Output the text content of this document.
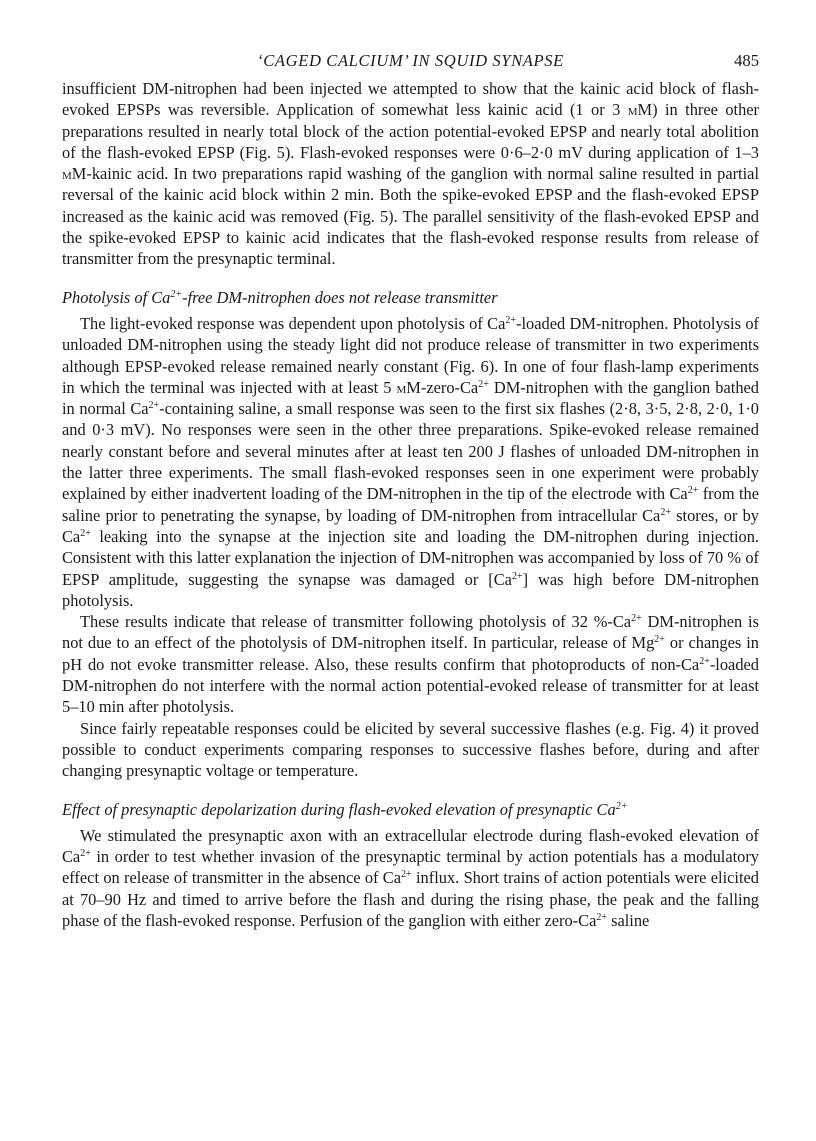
‘CAGED CALCIUM’ IN SQUID SYNAPSE	485

insufficient DM-nitrophen had been injected we attempted to show that the kainic acid block of flash-evoked EPSPs was reversible. Application of somewhat less kainic acid (1 or 3 mM) in three other preparations resulted in nearly total block of the action potential-evoked EPSP and nearly total abolition of the flash-evoked EPSP (Fig. 5). Flash-evoked responses were 0·6–2·0 mV during application of 1–3 mM-kainic acid. In two preparations rapid washing of the ganglion with normal saline resulted in partial reversal of the kainic acid block within 2 min. Both the spike-evoked EPSP and the flash-evoked EPSP increased as the kainic acid was removed (Fig. 5). The parallel sensitivity of the flash-evoked EPSP and the spike-evoked EPSP to kainic acid indicates that the flash-evoked response results from release of transmitter from the presynaptic terminal.

Photolysis of $Ca^{2+}$-free DM-nitrophen does not release transmitter

The light-evoked response was dependent upon photolysis of $Ca^{2+}$-loaded DM-nitrophen. Photolysis of unloaded DM-nitrophen using the steady light did not produce release of transmitter in two experiments although EPSP-evoked release remained nearly constant (Fig. 6). In one of four flash-lamp experiments in which the terminal was injected with at least 5 $mM-zero-Ca^{2+}$ DM-nitrophen with the ganglion bathed in normal $Ca^{2+}$-containing saline, a small response was seen to the first six flashes (2·8, 3·5, 2·8, 2·0, 1·0 and 0·3 mV). No responses were seen in the other three preparations. Spike-evoked release remained nearly constant before and several minutes after at least ten 200 J flashes of unloaded DM-nitrophen in the latter three experiments. The small flash-evoked responses seen in one experiment were probably explained by either inadvertent loading of the DM-nitrophen in the tip of the electrode with $Ca^{2+}$ from the saline prior to penetrating the synapse, by loading of DM-nitrophen from intracellular $Ca^{2+}$ stores, or by $Ca^{2+}$ leaking into the synapse at the injection site and loading the DM-nitrophen during injection. Consistent with this latter explanation the injection of DM-nitrophen was accompanied by loss of 70 % of EPSP amplitude, suggesting the synapse was damaged or $[Ca^{2+}]$ was high before DM-nitrophen photolysis.

These results indicate that release of transmitter following photolysis of 32 $\%-Ca^{2+}$ DM-nitrophen is not due to an effect of the photolysis of DM-nitrophen itself. In particular, release of $Mg^{2+}$ or changes in pH do not evoke transmitter release. Also, these results confirm that photoproducts of non-$Ca^{2+}$-loaded DM-nitrophen do not interfere with the normal action potential-evoked release of transmitter for at least 5–10 min after photolysis.

Since fairly repeatable responses could be elicited by several successive flashes (e.g. Fig. 4) it proved possible to conduct experiments comparing responses to successive flashes before, during and after changing presynaptic voltage or temperature.

Effect of presynaptic depolarization during flash-evoked elevation of presynaptic $Ca^{2+}$

We stimulated the presynaptic axon with an extracellular electrode during flash-evoked elevation of $Ca^{2+}$ in order to test whether invasion of the presynaptic terminal by action potentials has a modulatory effect on release of transmitter in the absence of $Ca^{2+}$ influx. Short trains of action potentials were elicited at 70–90 Hz and timed to arrive before the flash and during the rising phase, the peak and the falling phase of the flash-evoked response. Perfusion of the ganglion with either zero-$Ca^{2+}$ saline
